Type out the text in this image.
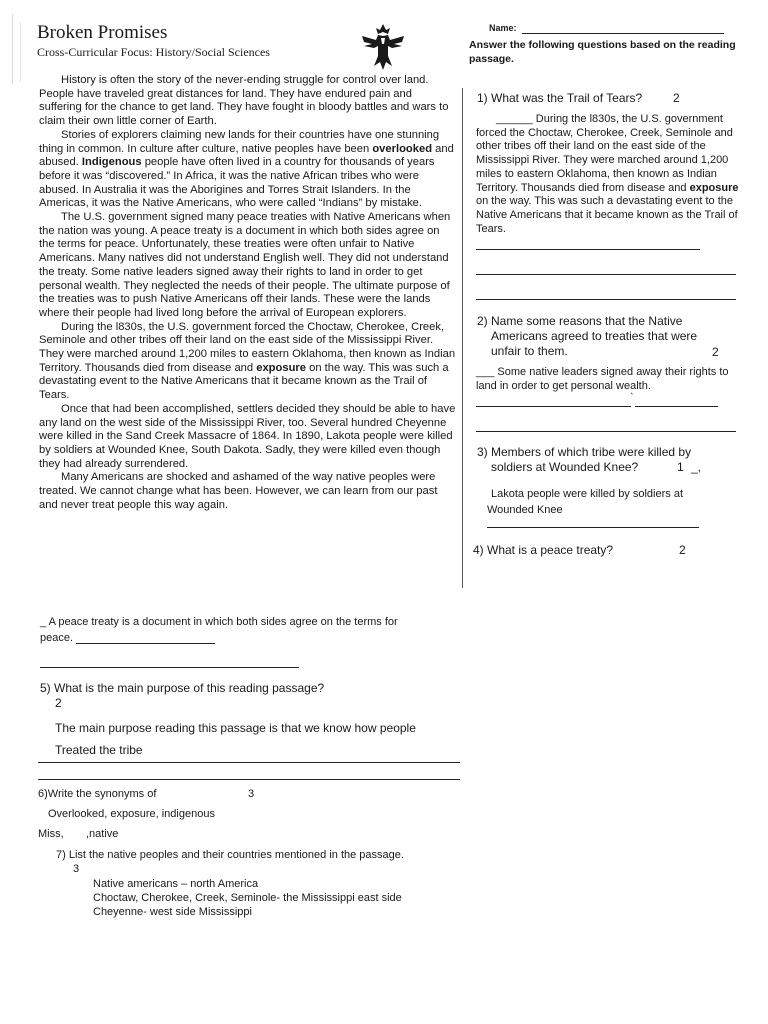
Broken Promises
Cross-Curricular Focus: History/Social Sciences
Name:
Answer the following questions based on the reading passage.

History is often the story of the never-ending struggle for control over land. People have traveled great distances for land. They have endured pain and suffering for the chance to get land. They have fought in bloody battles and wars to claim their own little corner of Earth.

Stories of explorers claiming new lands for their countries have one stunning thing in common. In culture after culture, native peoples have been overlooked and abused. Indigenous people have often lived in a country for thousands of years before it was “discovered.” In Africa, it was the native African tribes who were abused. In Australia it was the Aborigines and Torres Strait Islanders. In the Americas, it was the Native Americans, who were called “Indians” by mistake.

The U.S. government signed many peace treaties with Native Americans when the nation was young. A peace treaty is a document in which both sides agree on the terms for peace. Unfortunately, these treaties were often unfair to Native Americans. Many natives did not understand English well. They did not understand the treaty. Some native leaders signed away their rights to land in order to get personal wealth. They neglected the needs of their people. The ultimate purpose of the treaties was to push Native Americans off their lands. These were the lands where their people had lived long before the arrival of European explorers.

During the l830s, the U.S. government forced the Choctaw, Cherokee, Creek, Seminole and other tribes off their land on the east side of the Mississippi River. They were marched around 1,200 miles to eastern Oklahoma, then known as Indian Territory. Thousands died from disease and exposure on the way. This was such a devastating event to the Native Americans that it became known as the Trail of Tears.

Once that had been accomplished, settlers decided they should be able to have any land on the west side of the Mississippi River, too. Several hundred Cheyenne were killed in the Sand Creek Massacre of 1864. In 1890, Lakota people were killed by soldiers at Wounded Knee, South Dakota. Sadly, they were killed even though they had already surrendered.

Many Americans are shocked and ashamed of the way native peoples were treated. We cannot change what has been. However, we can learn from our past and never treat people this way again.

1) What was the Trail of Tears?	2
______ During the l830s, the U.S. government forced the Choctaw, Cherokee, Creek, Seminole and other tribes off their land on the east side of the Mississippi River. They were marched around 1,200 miles to eastern Oklahoma, then known as Indian Territory. Thousands died from disease and exposure on the way. This was such a devastating event to the Native Americans that it became known as the Trail of Tears.
2) Name some reasons that the Native
Americans agreed to treaties that were
unfair to them.	2
___ Some native leaders signed away their rights to land in order to get personal wealth.
`
3) Members of which tribe were killed by
soldiers at Wounded Knee?	1 _,
Lakota people were killed by soldiers at
Wounded Knee
4) What is a peace treaty?	2
_ A peace treaty is a document in which both sides agree on the terms for
peace.
5) What is the main purpose of this reading passage?
2
The main purpose reading this passage is that we know how people
Treated the tribe
6)Write the synonyms of	3
Overlooked, exposure, indigenous
Miss, ,native
7) List the native peoples and their countries mentioned in the passage.
3
Native americans – north America
Choctaw, Cherokee, Creek, Seminole- the Mississippi east side
Cheyenne- west side Mississippi
